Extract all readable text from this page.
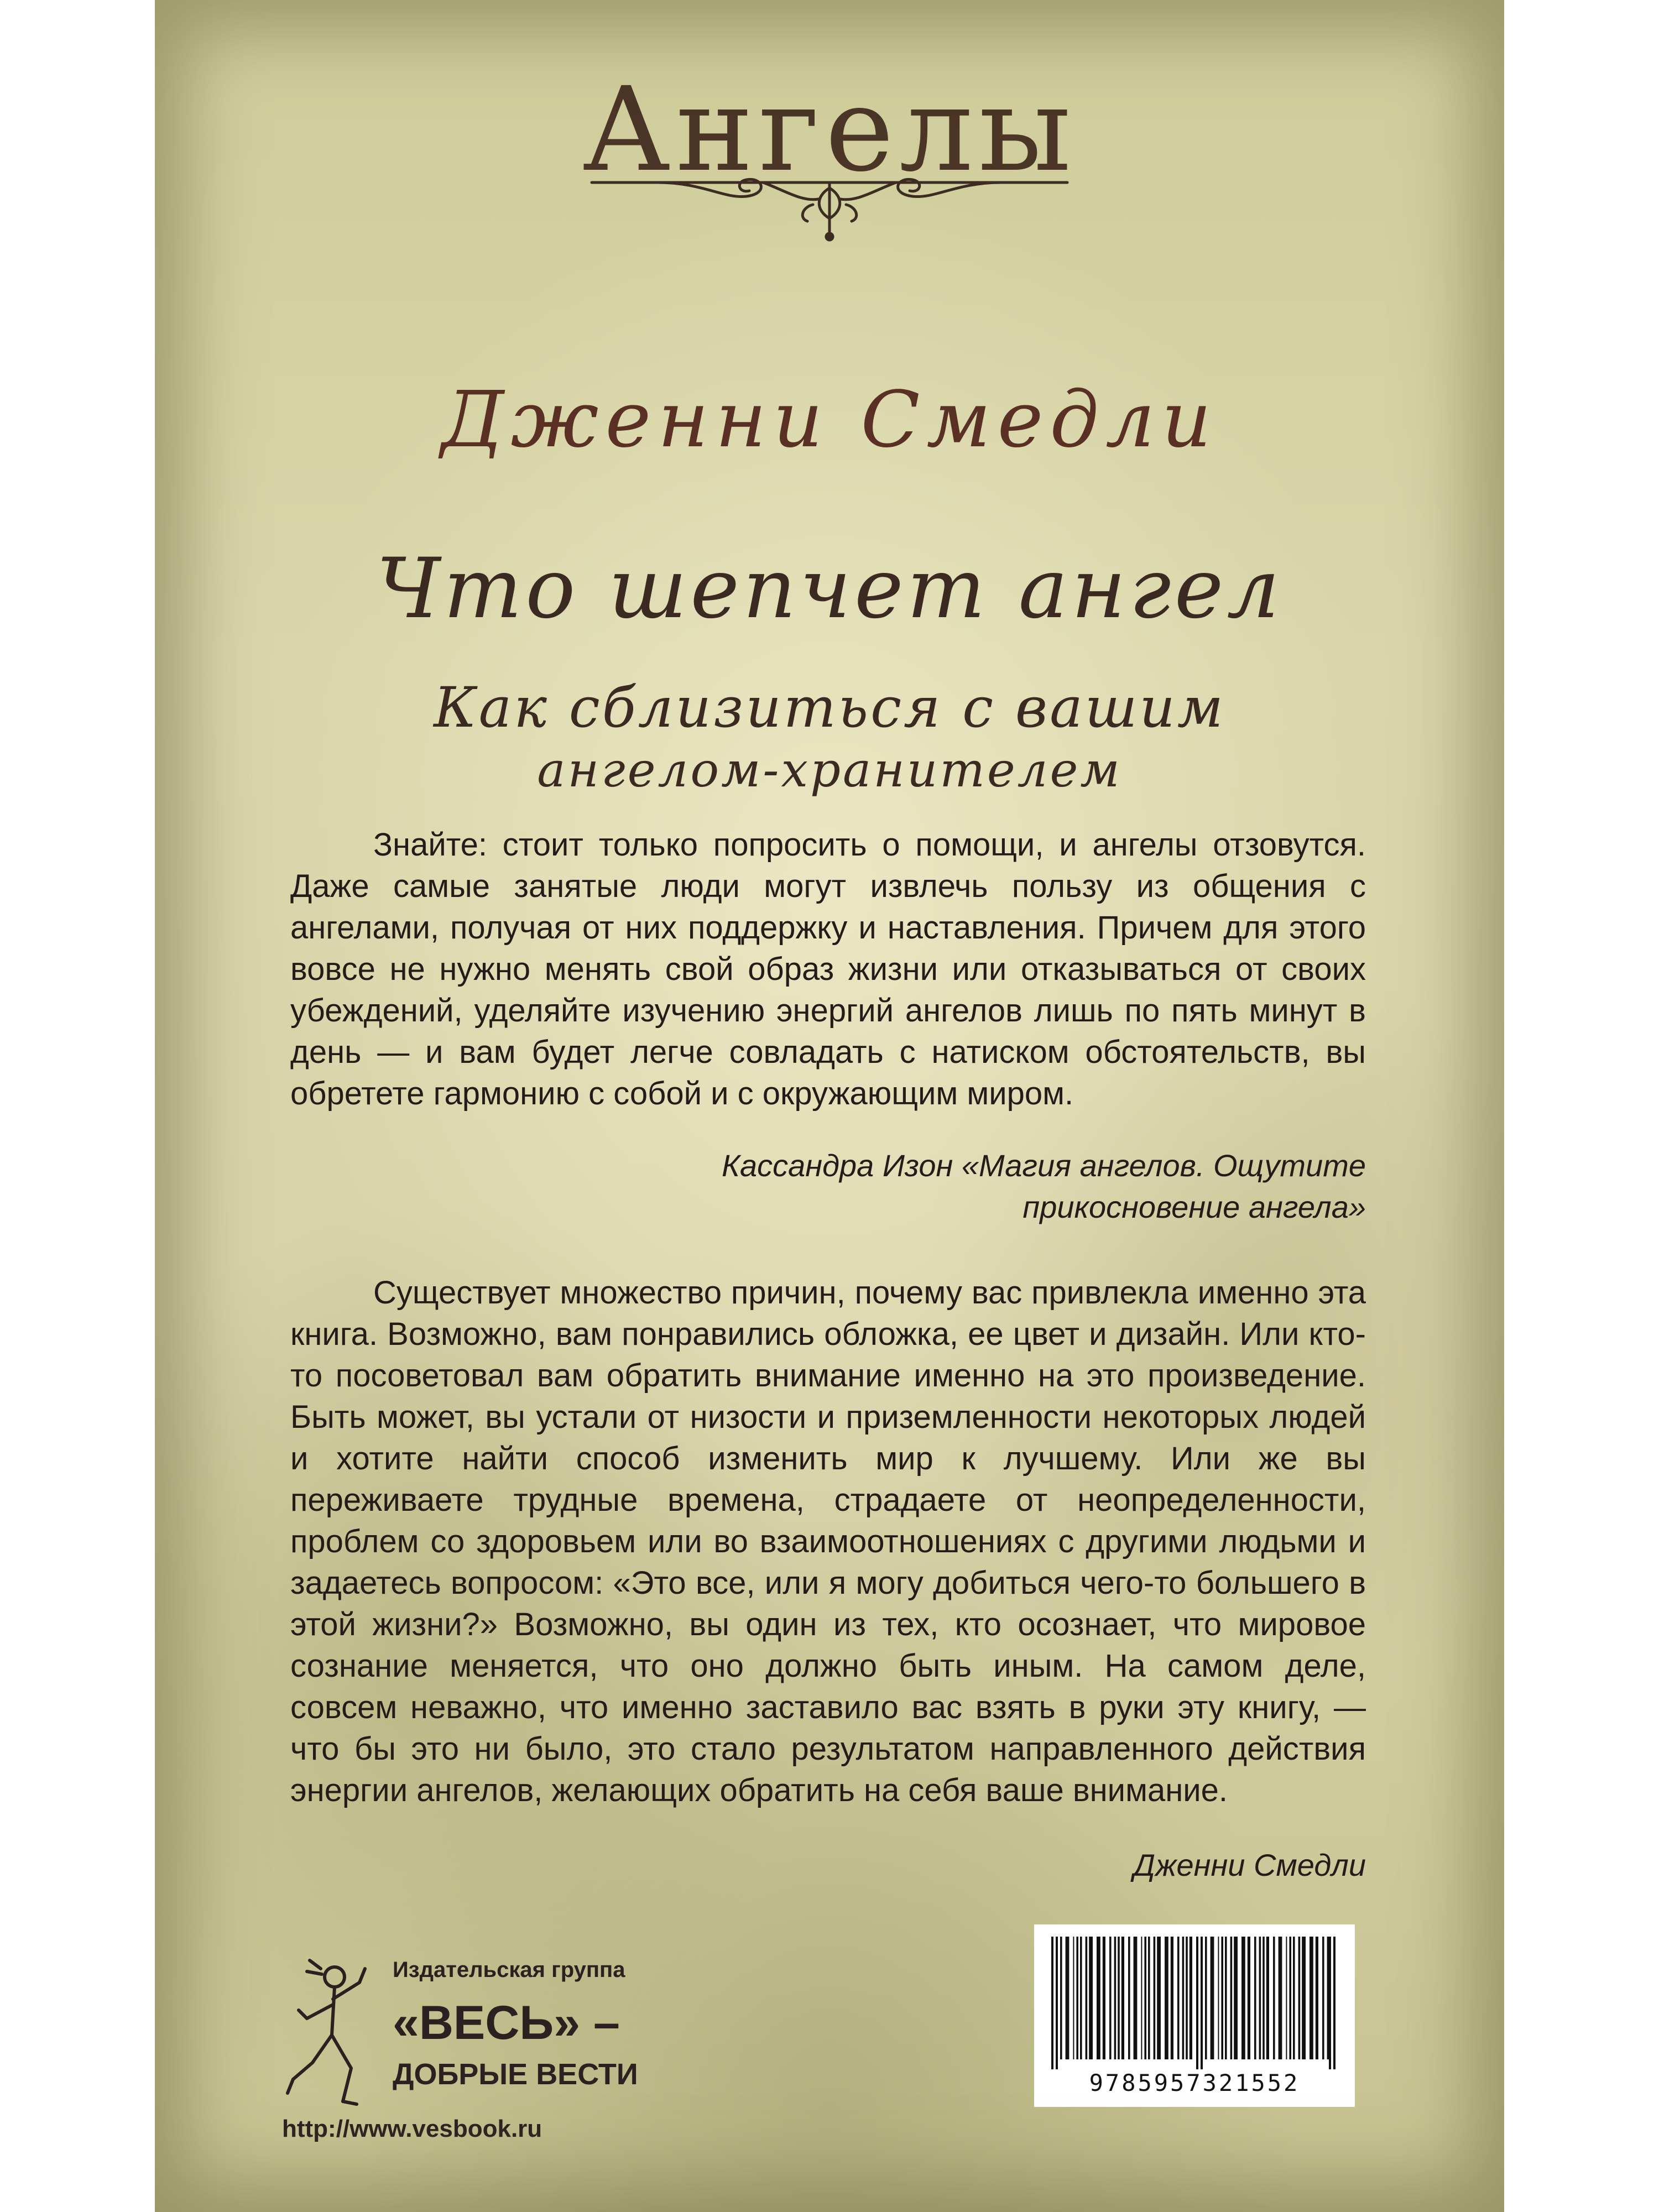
Ангелы
Дженни Смедли
Что шепчет ангел
Как сблизиться с вашим
ангелом-хранителем

Знайте: стоит только попросить о помощи, и ангелы отзовутся. Даже самые занятые люди могут извлечь пользу из общения с ангелами, получая от них поддержку и наставления. Причем для этого вовсе не нужно менять свой образ жизни или отказываться от своих убеждений, уделяйте изучению энергий ангелов лишь по пять минут в день — и вам будет легче совладать с натиском обстоятельств, вы обретете гармонию с собой и с окружающим миром.

Кассандра Изон «Магия ангелов. Ощутите
прикосновение ангела»

Существует множество причин, почему вас привлекла именно эта книга. Возможно, вам понравились обложка, ее цвет и дизайн. Или кто-то посоветовал вам обратить внимание именно на это произведение. Быть может, вы устали от низости и приземленности некоторых людей и хотите найти способ изменить мир к лучшему. Или же вы переживаете трудные времена, страдаете от неопределенности, проблем со здоровьем или во взаимоотношениях с другими людьми и задаетесь вопросом: «Это все, или я могу добиться чего-то большего в этой жизни?» Возможно, вы один из тех, кто осознает, что мировое сознание меняется, что оно должно быть иным. На самом деле, совсем неважно, что именно заставило вас взять в руки эту книгу, — что бы это ни было, это стало результатом направленного действия энергии ангелов, желающих обратить на себя ваше внимание.

Дженни Смедли
Издательская группа
«ВЕСЬ» –
ДОБРЫЕ ВЕСТИ
http://www.vesbook.ru
9785957321552
